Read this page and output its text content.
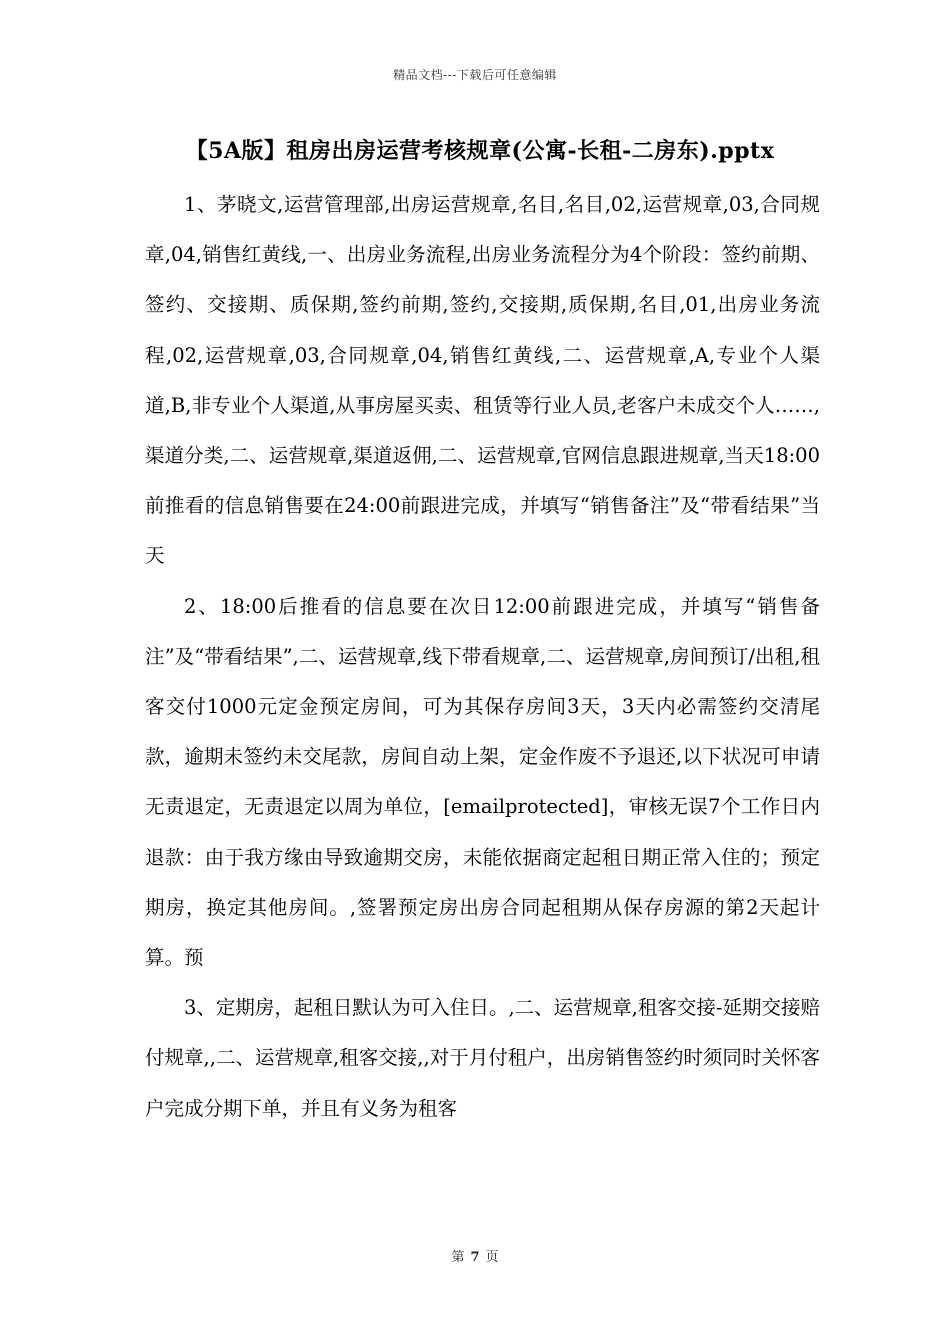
精品文档---下载后可任意编辑
【5A版】租房出房运营考核规章(公寓-长租-二房东).pptx

1、茅晓文,运营管理部,出房运营规章,名目,名目,02,运营规章,03,合同规章,04,销售红黄线,一、出房业务流程,出房业务流程分为4个阶段：签约前期、签约、交接期、质保期,签约前期,签约,交接期,质保期,名目,01,出房业务流程,02,运营规章,03,合同规章,04,销售红黄线,二、运营规章,A,专业个人渠道,B,非专业个人渠道,从事房屋买卖、租赁等行业人员,老客户未成交个人……,渠道分类,二、运营规章,渠道返佣,二、运营规章,官网信息跟进规章,当天18:00前推看的信息销售要在24:00前跟进完成，并填写“销售备注”及“带看结果”当天

2、18:00后推看的信息要在次日12:00前跟进完成，并填写“销售备注”及“带看结果”,二、运营规章,线下带看规章,二、运营规章,房间预订/出租,租客交付1000元定金预定房间，可为其保存房间3天，3天内必需签约交清尾款，逾期未签约未交尾款，房间自动上架，定金作废不予退还,以下状况可申请无责退定，无责退定以周为单位，[emailprotected]，审核无误7个工作日内退款：由于我方缘由导致逾期交房，未能依据商定起租日期正常入住的；预定期房，换定其他房间。,签署预定房出房合同起租期从保存房源的第2天起计算。预

3、定期房，起租日默认为可入住日。,二、运营规章,租客交接-延期交接赔付规章,,二、运营规章,租客交接,,对于月付租户，出房销售签约时须同时关怀客户完成分期下单，并且有义务为租客

第 7 页
